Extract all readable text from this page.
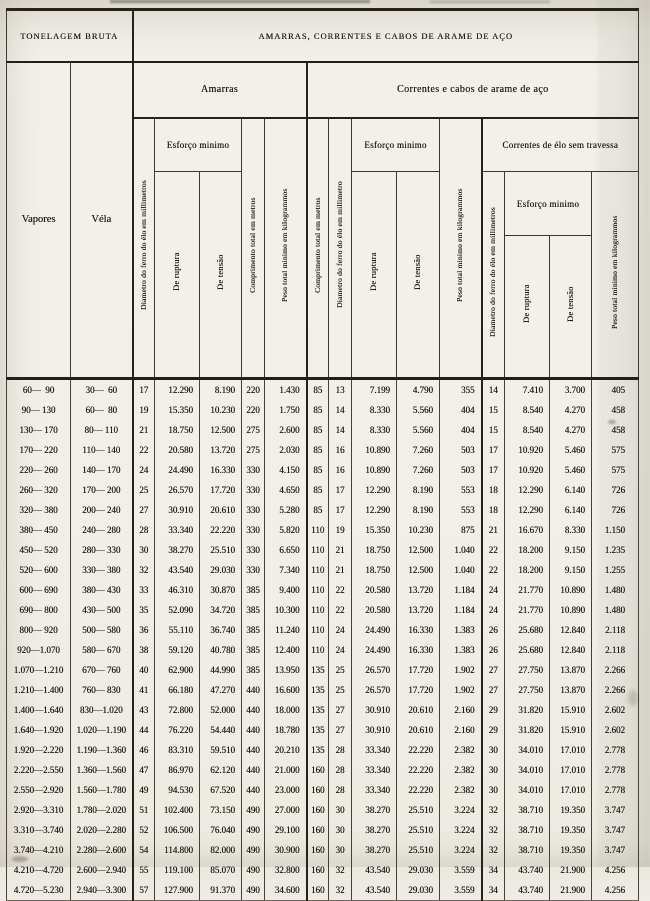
TONELAGEM BRUTA		AMARRAS, CORRENTES E CABOS DE ARAME DE AÇO													
Vapores	Véla	Amarras					Correntes e cabos de arame de aço								
		Diametro do ferro do élo em millimetros	Esforço minimo		Comprimento total em metros	Peso total minimo em kilogrammos	Comprimento total em metros	Diametro do ferro do élo em millimetro	Esforço minimo		Peso total minimo em kilogrammos	Correntes de élo sem travessa			
			De ruptura	De tensão					De ruptura	De tensão		Diametro do ferro do élo em millimetros	Esforço minimo		Peso total minimo em kilogrammos
													De ruptura	De tensão	
60—  90	30—  60	17	12.290	8.190	220	1.430	85	13	7.199	4.790	355	14	7.410	3.700	405
90— 130	60—  80	19	15.350	10.230	220	1.750	85	14	8.330	5.560	404	15	8.540	4.270	458
130— 170	80— 110	21	18.750	12.500	275	2.600	85	14	8.330	5.560	404	15	8.540	4.270	458
170— 220	110— 140	22	20.580	13.720	275	2.030	85	16	10.890	7.260	503	17	10.920	5.460	575
220— 260	140— 170	24	24.490	16.330	330	4.150	85	16	10.890	7.260	503	17	10.920	5.460	575
260— 320	170— 200	25	26.570	17.720	330	4.650	85	17	12.290	8.190	553	18	12.290	6.140	726
320— 380	200— 240	27	30.910	20.610	330	5.280	85	17	12.290	8.190	553	18	12.290	6.140	726
380— 450	240— 280	28	33.340	22.220	330	5.820	110	19	15.350	10.230	875	21	16.670	8.330	1.150
450— 520	280— 330	30	38.270	25.510	330	6.650	110	21	18.750	12.500	1.040	22	18.200	9.150	1.235
520— 600	330— 380	32	43.540	29.030	330	7.340	110	21	18.750	12.500	1.040	22	18.200	9.150	1.255
600— 690	380— 430	33	46.310	30.870	385	9.400	110	22	20.580	13.720	1.184	24	21.770	10.890	1.480
690— 800	430— 500	35	52.090	34.720	385	10.300	110	22	20.580	13.720	1.184	24	21.770	10.890	1.480
800— 920	500— 580	36	55.110	36.740	385	11.240	110	24	24.490	16.330	1.383	26	25.680	12.840	2.118
920—1.070	580— 670	38	59.120	40.780	385	12.400	110	24	24.490	16.330	1.383	26	25.680	12.840	2.118
1.070—1.210	670— 760	40	62.900	44.990	385	13.950	135	25	26.570	17.720	1.902	27	27.750	13.870	2.266
1.210—1.400	760— 830	41	66.180	47.270	440	16.600	135	25	26.570	17.720	1.902	27	27.750	13.870	2.266
1.400—1.640	830—1.020	43	72.800	52.000	440	18.000	135	27	30.910	20.610	2.160	29	31.820	15.910	2.602
1.640—1.920	1.020—1.190	44	76.220	54.440	440	18.780	135	27	30.910	20.610	2.160	29	31.820	15.910	2.602
1.920—2.220	1.190—1.360	46	83.310	59.510	440	20.210	135	28	33.340	22.220	2.382	30	34.010	17.010	2.778
2.220—2.550	1.360—1.560	47	86.970	62.120	440	21.000	160	28	33.340	22.220	2.382	30	34.010	17.010	2.778
2.550—2.920	1.560—1.780	49	94.530	67.520	440	23.000	160	28	33.340	22.220	2.382	30	34.010	17.010	2.778
2.920—3.310	1.780—2.020	51	102.400	73.150	490	27.000	160	30	38.270	25.510	3.224	32	38.710	19.350	3.747
3.310—3.740	2.020—2.280	52	106.500	76.040	490	29.100	160	30	38.270	25.510	3.224	32	38.710	19.350	3.747
3.740—4.210	2.280—2.600	54	114.800	82.000	490	30.900	160	30	38.270	25.510	3.224	32	38.710	19.350	3.747
4.210—4.720	2.600—2.940	55	119.100	85.070	490	32.800	160	32	43.540	29.030	3.559	34	43.740	21.900	4.256
4.720—5.230	2.940—3.300	57	127.900	91.370	490	34.600	160	32	43.540	29.030	3.559	34	43.740	21.900	4.256
